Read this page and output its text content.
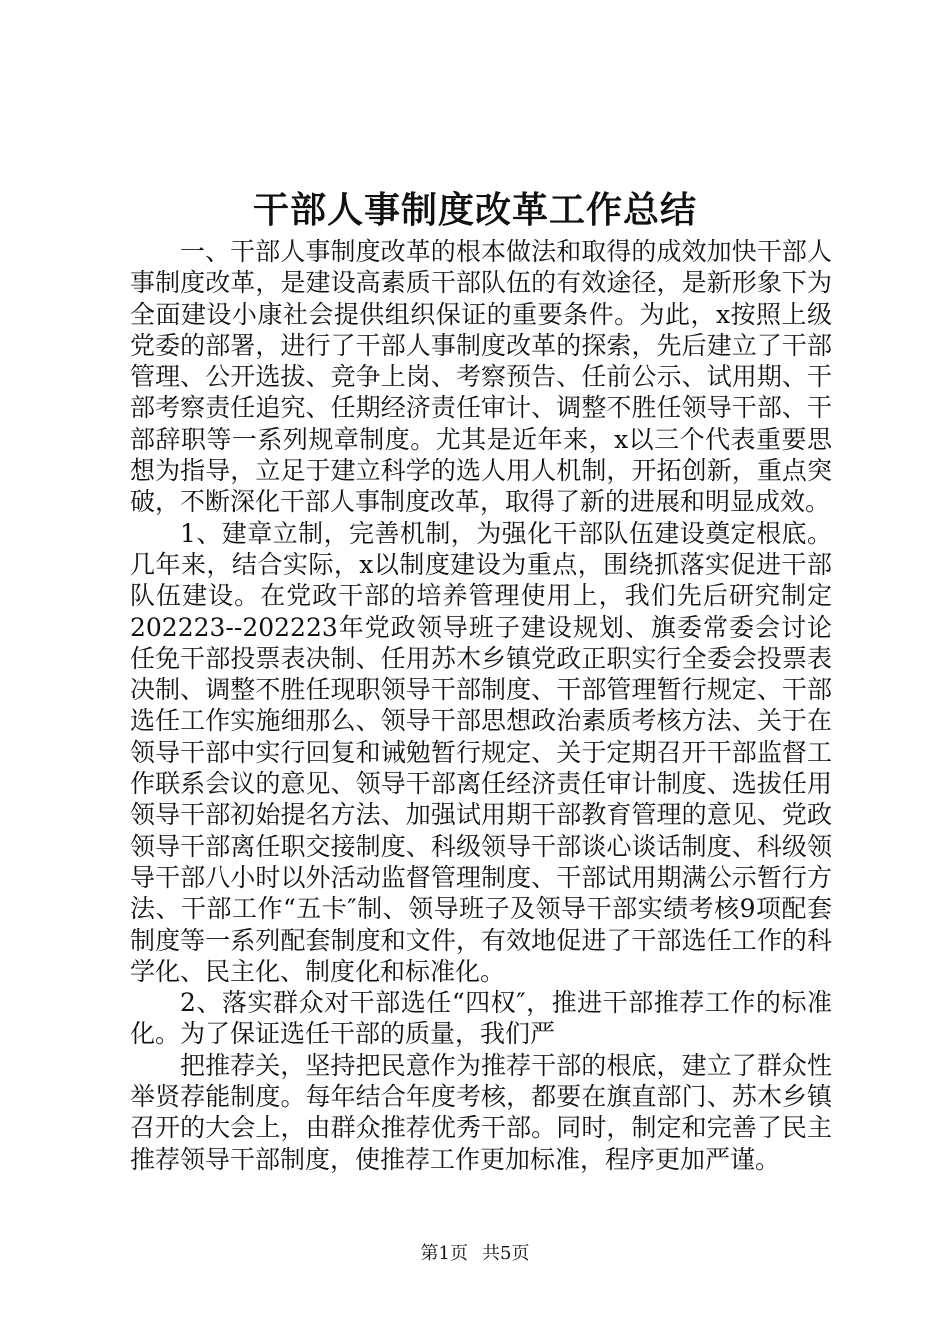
干部人事制度改革工作总结

一、干部人事制度改革的根本做法和取得的成效加快干部人事制度改革，是建设高素质干部队伍的有效途径，是新形象下为全面建设小康社会提供组织保证的重要条件。为此，x按照上级党委的部署，进行了干部人事制度改革的探索，先后建立了干部管理、公开选拔、竞争上岗、考察预告、任前公示、试用期、干部考察责任追究、任期经济责任审计、调整不胜任领导干部、干部辞职等一系列规章制度。尤其是近年来，x以三个代表重要思想为指导，立足于建立科学的选人用人机制，开拓创新，重点突破，不断深化干部人事制度改革，取得了新的进展和明显成效。

1、建章立制，完善机制，为强化干部队伍建设奠定根底。几年来，结合实际，x以制度建设为重点，围绕抓落实促进干部队伍建设。在党政干部的培养管理使用上，我们先后研究制定202223--202223年党政领导班子建设规划、旗委常委会讨论任免干部投票表决制、任用苏木乡镇党政正职实行全委会投票表决制、调整不胜任现职领导干部制度、干部管理暂行规定、干部选任工作实施细那么、领导干部思想政治素质考核方法、关于在领导干部中实行回复和诫勉暂行规定、关于定期召开干部监督工作联系会议的意见、领导干部离任经济责任审计制度、选拔任用领导干部初始提名方法、加强试用期干部教育管理的意见、党政领导干部离任职交接制度、科级领导干部谈心谈话制度、科级领导干部八小时以外活动监督管理制度、干部试用期满公示暂行方法、干部工作“五卡″制、领导班子及领导干部实绩考核9项配套制度等一系列配套制度和文件，有效地促进了干部选任工作的科学化、民主化、制度化和标准化。

2、落实群众对干部选任“四权″，推进干部推荐工作的标准化。为了保证选任干部的质量，我们严

把推荐关，坚持把民意作为推荐干部的根底，建立了群众性举贤荐能制度。每年结合年度考核，都要在旗直部门、苏木乡镇召开的大会上，由群众推荐优秀干部。同时，制定和完善了民主推荐领导干部制度，使推荐工作更加标准，程序更加严谨。

第1页 共5页
